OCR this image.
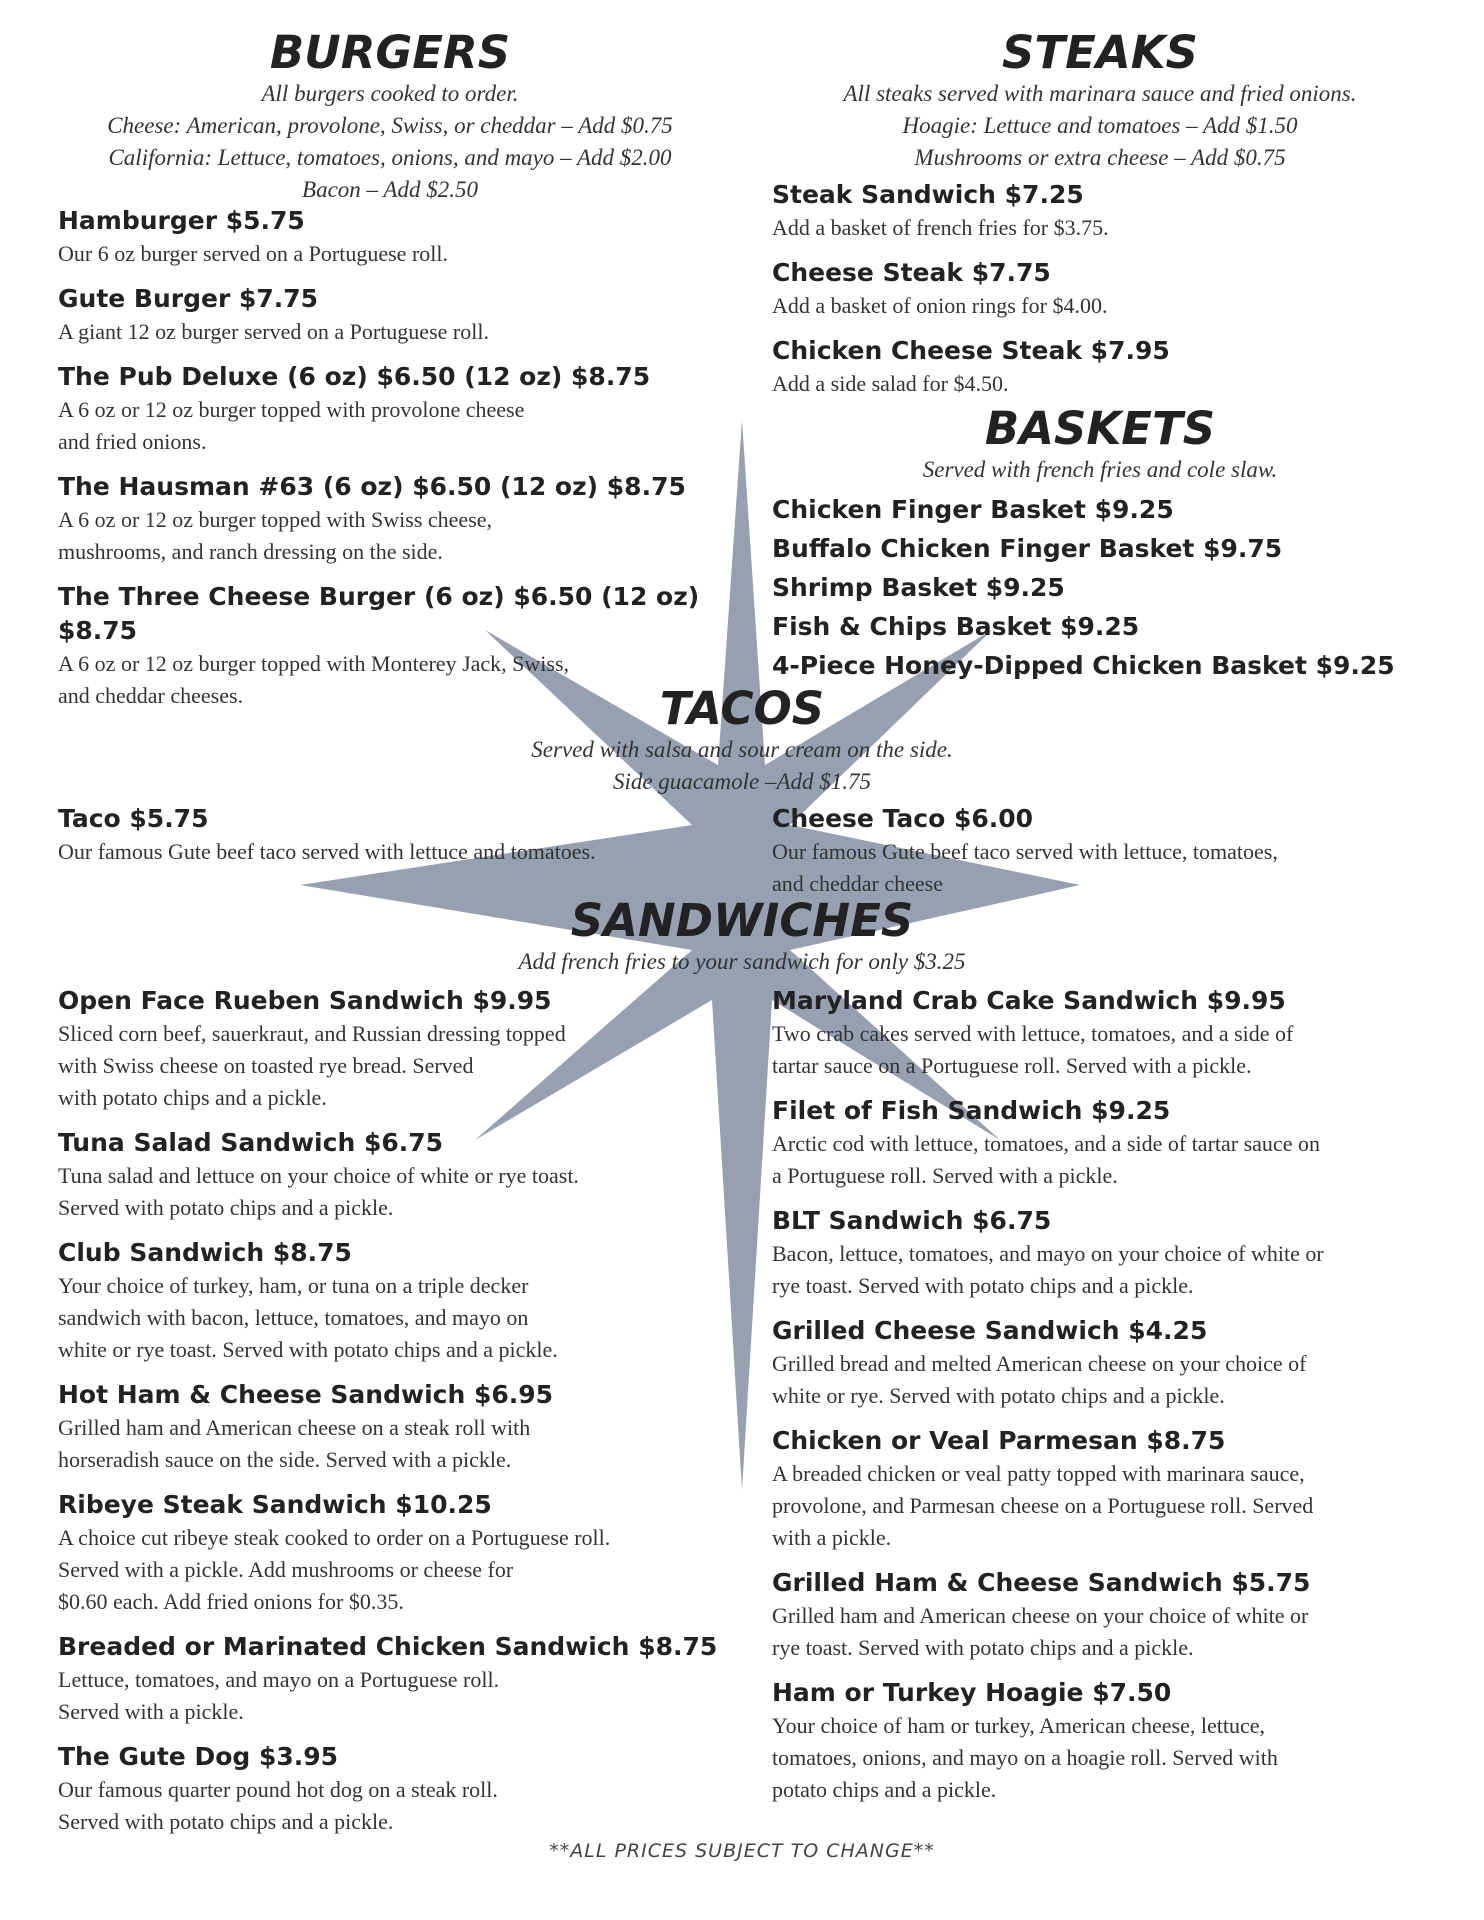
BURGERS

All burgers cooked to order.

Cheese: American, provolone, Swiss, or cheddar – Add $0.75

California: Lettuce, tomatoes, onions, and mayo – Add $2.00

Bacon – Add $2.50

Hamburger $5.75
Our 6 oz burger served on a Portuguese roll.
Gute Burger $7.75
A giant 12 oz burger served on a Portuguese roll.
The Pub Deluxe (6 oz) $6.50 (12 oz) $8.75
A 6 oz or 12 oz burger topped with provolone cheese
and fried onions.
The Hausman #63 (6 oz) $6.50 (12 oz) $8.75
A 6 oz or 12 oz burger topped with Swiss cheese,
mushrooms, and ranch dressing on the side.
The Three Cheese Burger (6 oz) $6.50 (12 oz) $8.75
A 6 oz or 12 oz burger topped with Monterey Jack, Swiss,
and cheddar cheeses.
STEAKS

All steaks served with marinara sauce and fried onions.

Hoagie: Lettuce and tomatoes – Add $1.50

Mushrooms or extra cheese – Add $0.75

Steak Sandwich $7.25
Add a basket of french fries for $3.75.
Cheese Steak $7.75
Add a basket of onion rings for $4.00.
Chicken Cheese Steak $7.95
Add a side salad for $4.50.
BASKETS

Served with french fries and cole slaw.

Chicken Finger Basket $9.25
Buffalo Chicken Finger Basket $9.75
Shrimp Basket $9.25
Fish & Chips Basket $9.25
4-Piece Honey-Dipped Chicken Basket $9.25
TACOS

Served with salsa and sour cream on the side.

Side guacamole –Add $1.75

Taco $5.75
Our famous Gute beef taco served with lettuce and tomatoes.
Cheese Taco $6.00
Our famous Gute beef taco served with lettuce, tomatoes,
and cheddar cheese
SANDWICHES

Add french fries to your sandwich for only $3.25

Open Face Rueben Sandwich $9.95
Sliced corn beef, sauerkraut, and Russian dressing topped
with Swiss cheese on toasted rye bread. Served
with potato chips and a pickle.
Tuna Salad Sandwich $6.75
Tuna salad and lettuce on your choice of white or rye toast.
Served with potato chips and a pickle.
Club Sandwich $8.75
Your choice of turkey, ham, or tuna on a triple decker
sandwich with bacon, lettuce, tomatoes, and mayo on
white or rye toast. Served with potato chips and a pickle.
Hot Ham & Cheese Sandwich $6.95
Grilled ham and American cheese on a steak roll with
horseradish sauce on the side. Served with a pickle.
Ribeye Steak Sandwich $10.25
A choice cut ribeye steak cooked to order on a Portuguese roll.
Served with a pickle. Add mushrooms or cheese for
$0.60 each. Add fried onions for $0.35.
Breaded or Marinated Chicken Sandwich $8.75
Lettuce, tomatoes, and mayo on a Portuguese roll.
Served with a pickle.
The Gute Dog $3.95
Our famous quarter pound hot dog on a steak roll.
Served with potato chips and a pickle.
Maryland Crab Cake Sandwich $9.95
Two crab cakes served with lettuce, tomatoes, and a side of
tartar sauce on a Portuguese roll. Served with a pickle.
Filet of Fish Sandwich $9.25
Arctic cod with lettuce, tomatoes, and a side of tartar sauce on
a Portuguese roll. Served with a pickle.
BLT Sandwich $6.75
Bacon, lettuce, tomatoes, and mayo on your choice of white or
rye toast. Served with potato chips and a pickle.
Grilled Cheese Sandwich $4.25
Grilled bread and melted American cheese on your choice of
white or rye. Served with potato chips and a pickle.
Chicken or Veal Parmesan $8.75
A breaded chicken or veal patty topped with marinara sauce,
provolone, and Parmesan cheese on a Portuguese roll. Served
with a pickle.
Grilled Ham & Cheese Sandwich $5.75
Grilled ham and American cheese on your choice of white or
rye toast. Served with potato chips and a pickle.
Ham or Turkey Hoagie $7.50
Your choice of ham or turkey, American cheese, lettuce,
tomatoes, onions, and mayo on a hoagie roll. Served with
potato chips and a pickle.
**ALL PRICES SUBJECT TO CHANGE**
